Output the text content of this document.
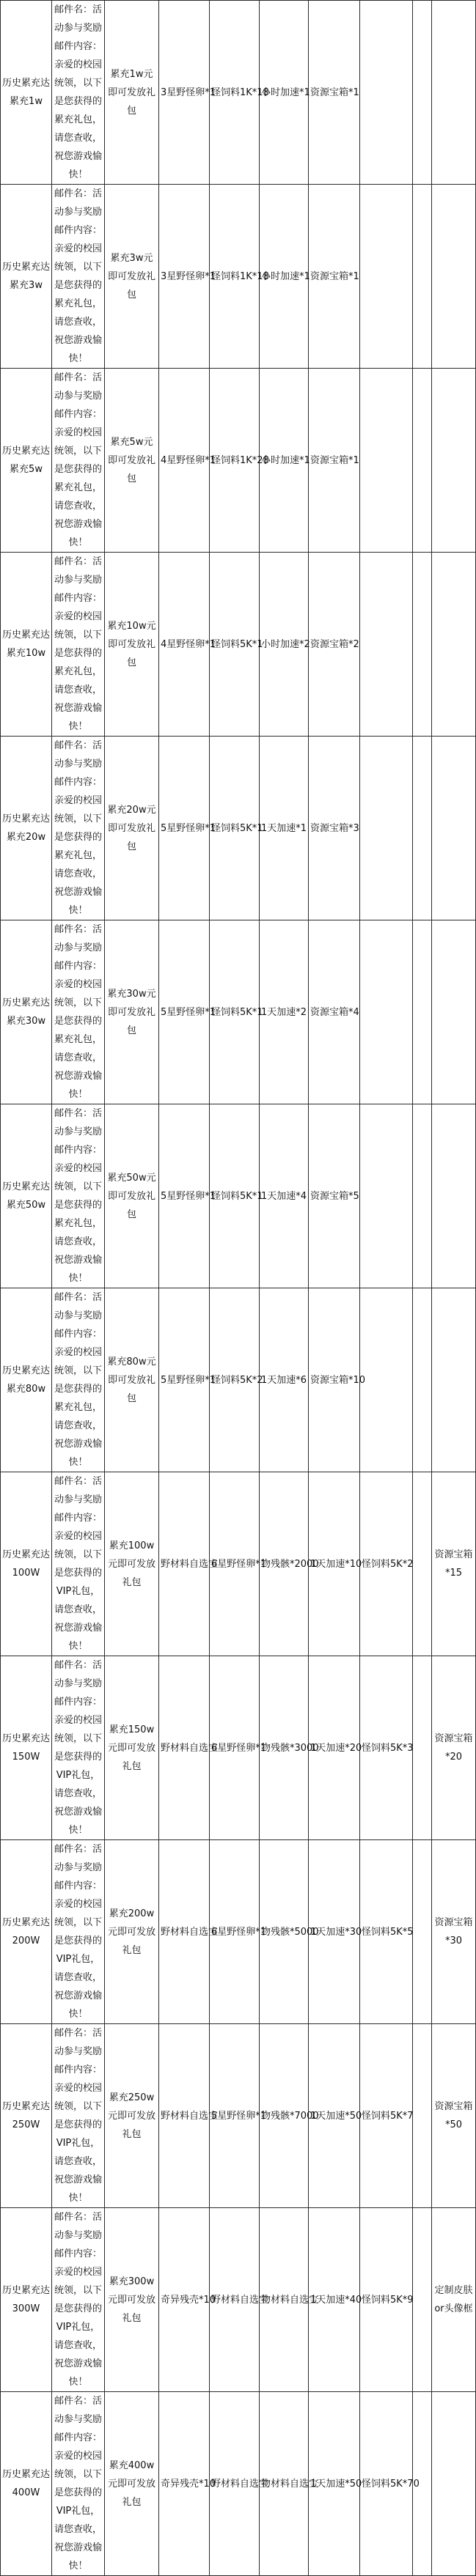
历史累充达累充1w	邮件名：活动参与奖励邮件内容：亲爱的校园统领，以下是您获得的累充礼包，请您查收，祝您游戏愉快！	累充1w元即可发放礼包	3星野怪卵*1	怪饲料1K*18	小时加速*1	资源宝箱*1			
历史累充达累充3w	邮件名：活动参与奖励邮件内容：亲爱的校园统领，以下是您获得的累充礼包，请您查收，祝您游戏愉快！	累充3w元即可发放礼包	3星野怪卵*1	怪饲料1K*18	小时加速*1	资源宝箱*1			
历史累充达累充5w	邮件名：活动参与奖励邮件内容：亲爱的校园统领，以下是您获得的累充礼包，请您查收，祝您游戏愉快！	累充5w元即可发放礼包	4星野怪卵*1	怪饲料1K*28	小时加速*1	资源宝箱*1			
历史累充达累充10w	邮件名：活动参与奖励邮件内容：亲爱的校园统领，以下是您获得的累充礼包，请您查收，祝您游戏愉快！	累充10w元即可发放礼包	4星野怪卵*1	怪饲料5K*1	小时加速*2	资源宝箱*2			
历史累充达累充20w	邮件名：活动参与奖励邮件内容：亲爱的校园统领，以下是您获得的累充礼包，请您查收，祝您游戏愉快！	累充20w元即可发放礼包	5星野怪卵*1	怪饲料5K*1	1天加速*1	资源宝箱*3			
历史累充达累充30w	邮件名：活动参与奖励邮件内容：亲爱的校园统领，以下是您获得的累充礼包，请您查收，祝您游戏愉快！	累充30w元即可发放礼包	5星野怪卵*1	怪饲料5K*1	1天加速*2	资源宝箱*4			
历史累充达累充50w	邮件名：活动参与奖励邮件内容：亲爱的校园统领，以下是您获得的累充礼包，请您查收，祝您游戏愉快！	累充50w元即可发放礼包	5星野怪卵*1	怪饲料5K*1	1天加速*4	资源宝箱*5			
历史累充达累充80w	邮件名：活动参与奖励邮件内容：亲爱的校园统领，以下是您获得的累充礼包，请您查收，祝您游戏愉快！	累充80w元即可发放礼包	5星野怪卵*1	怪饲料5K*2	1天加速*6	资源宝箱*10			
历史累充达100W	邮件名：活动参与奖励邮件内容：亲爱的校园统领，以下是您获得的VIP礼包，请您查收，祝您游戏愉快！	累充100w元即可发放礼包	野材料自选宝	6星野怪卵*1	物残骸*2000	1天加速*10	怪饲料5K*2		资源宝箱*15
历史累充达150W	邮件名：活动参与奖励邮件内容：亲爱的校园统领，以下是您获得的VIP礼包，请您查收，祝您游戏愉快！	累充150w元即可发放礼包	野材料自选宝	6星野怪卵*1	物残骸*3000	1天加速*20	怪饲料5K*3		资源宝箱*20
历史累充达200W	邮件名：活动参与奖励邮件内容：亲爱的校园统领，以下是您获得的VIP礼包，请您查收，祝您游戏愉快！	累充200w元即可发放礼包	野材料自选宝	6星野怪卵*1	物残骸*5000	1天加速*30	怪饲料5K*5		资源宝箱*30
历史累充达250W	邮件名：活动参与奖励邮件内容：亲爱的校园统领，以下是您获得的VIP礼包，请您查收，祝您游戏愉快！	累充250w元即可发放礼包	野材料自选宝	5星野怪卵*1	物残骸*7000	1天加速*50	怪饲料5K*7		资源宝箱*50
历史累充达300W	邮件名：活动参与奖励邮件内容：亲爱的校园统领，以下是您获得的VIP礼包，请您查收，祝您游戏愉快！	累充300w元即可发放礼包	奇异残壳*10	野材料自选宝	物材料自选宝	1天加速*40	怪饲料5K*9		定制皮肤or头像框
历史累充达400W	邮件名：活动参与奖励邮件内容：亲爱的校园统领，以下是您获得的VIP礼包，请您查收，祝您游戏愉快！	累充400w元即可发放礼包	奇异残壳*10	野材料自选宝	物材料自选宝	1天加速*50	怪饲料5K*70		
